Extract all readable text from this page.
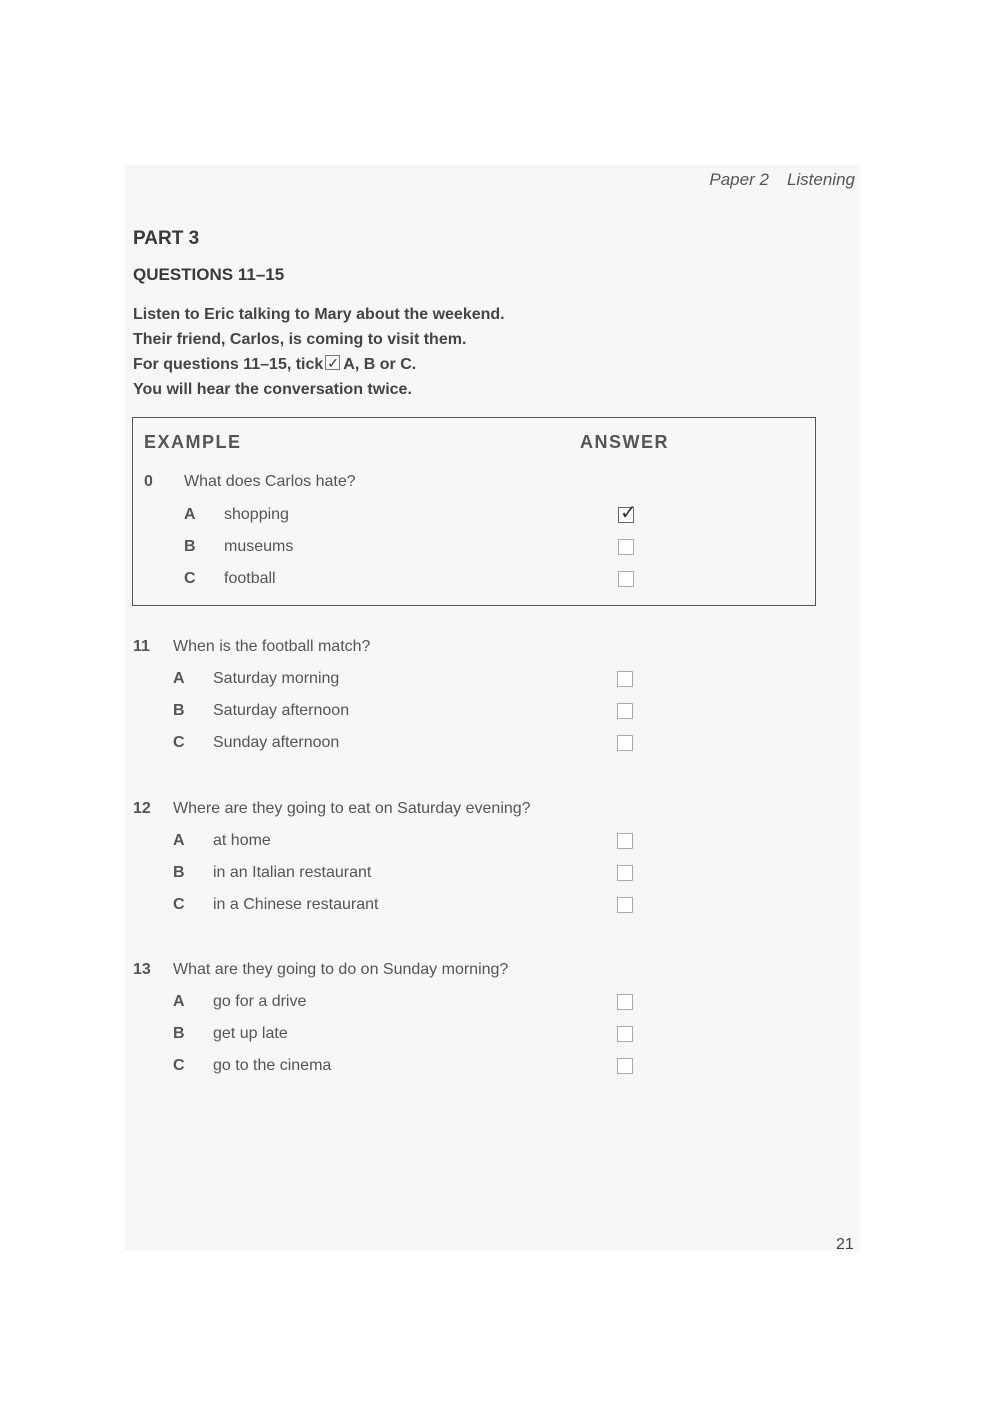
Paper 2 Listening
PART 3
QUESTIONS 11–15
Listen to Eric talking to Mary about the weekend.
Their friend, Carlos, is coming to visit them.
For questions 11–15, tick✓ A, B or C.
You will hear the conversation twice.
EXAMPLE	ANSWER
0 What does Carlos hate?
A shopping
✓
B museums
C football
11 When is the football match?
A Saturday morning
B Saturday afternoon
C Sunday afternoon
12 Where are they going to eat on Saturday evening?
A at home
B in an Italian restaurant
C in a Chinese restaurant
13 What are they going to do on Sunday morning?
A go for a drive
B get up late
C go to the cinema
21
